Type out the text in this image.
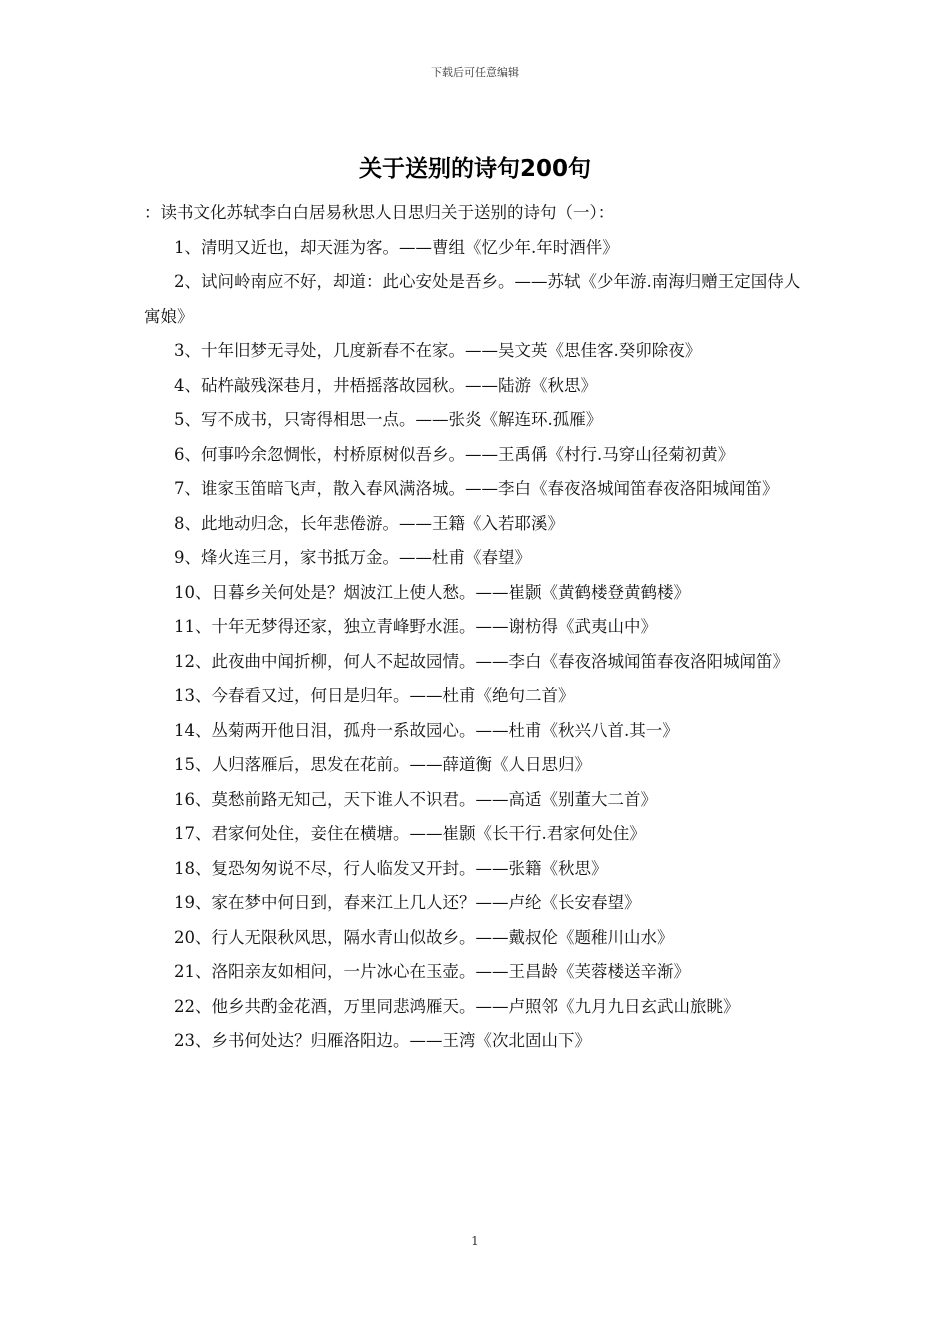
下载后可任意编辑
关于送别的诗句200句

：读书文化苏轼李白白居易秋思人日思归关于送别的诗句（一）：

1、清明又近也，却天涯为客。——曹组《忆少年.年时酒伴》

2、试问岭南应不好，却道：此心安处是吾乡。——苏轼《少年游.南海归赠王定国侍人寓娘》

3、十年旧梦无寻处，几度新春不在家。——吴文英《思佳客.癸卯除夜》

4、砧杵敲残深巷月，井梧摇落故园秋。——陆游《秋思》

5、写不成书，只寄得相思一点。——张炎《解连环.孤雁》

6、何事吟余忽惆怅，村桥原树似吾乡。——王禹偁《村行.马穿山径菊初黄》

7、谁家玉笛暗飞声，散入春风满洛城。——李白《春夜洛城闻笛春夜洛阳城闻笛》

8、此地动归念，长年悲倦游。——王籍《入若耶溪》

9、烽火连三月，家书抵万金。——杜甫《春望》

10、日暮乡关何处是？烟波江上使人愁。——崔颢《黄鹤楼登黄鹤楼》

11、十年无梦得还家，独立青峰野水涯。——谢枋得《武夷山中》

12、此夜曲中闻折柳，何人不起故园情。——李白《春夜洛城闻笛春夜洛阳城闻笛》

13、今春看又过，何日是归年。——杜甫《绝句二首》

14、丛菊两开他日泪，孤舟一系故园心。——杜甫《秋兴八首.其一》

15、人归落雁后，思发在花前。——薛道衡《人日思归》

16、莫愁前路无知己，天下谁人不识君。——高适《别董大二首》

17、君家何处住，妾住在横塘。——崔颢《长干行.君家何处住》

18、复恐匆匆说不尽，行人临发又开封。——张籍《秋思》

19、家在梦中何日到，春来江上几人还？——卢纶《长安春望》

20、行人无限秋风思，隔水青山似故乡。——戴叔伦《题稚川山水》

21、洛阳亲友如相问，一片冰心在玉壶。——王昌龄《芙蓉楼送辛渐》

22、他乡共酌金花酒，万里同悲鸿雁天。——卢照邻《九月九日玄武山旅眺》

23、乡书何处达？归雁洛阳边。——王湾《次北固山下》

1
